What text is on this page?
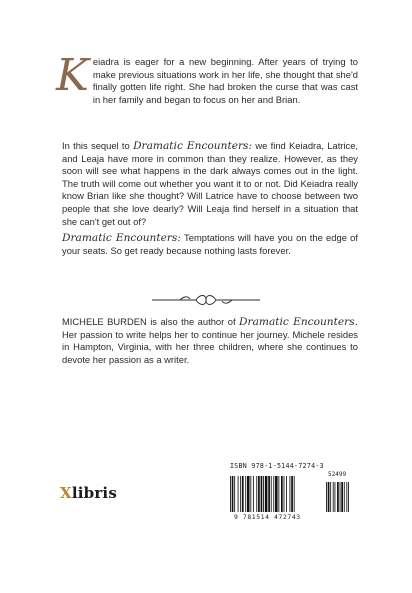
Keiadra is eager for a new beginning. After years of trying to make previous situations work in her life, she thought that she'd finally gotten life right. She had broken the curse that was cast in her family and began to focus on her and Brian.

In this sequel to Dramatic Encounters: we find Keiadra, Latrice, and Leaja have more in common than they realize. However, as they soon will see what happens in the dark always comes out in the light. The truth will come out whether you want it to or not. Did Keiadra really know Brian like she thought? Will Latrice have to choose between two people that she love dearly? Will Leaja find herself in a situation that she can't get out of?

Dramatic Encounters: Temptations will have you on the edge of your seats. So get ready because nothing lasts forever.

MICHELE BURDEN is also the author of Dramatic Encounters. Her passion to write helps her to continue her journey. Michele resides in Hampton, Virginia, with her three children, where she continues to devote her passion as a writer.

Xlibris
ISBN 978-1-5144-7274-3
52499
9 781514 472743
